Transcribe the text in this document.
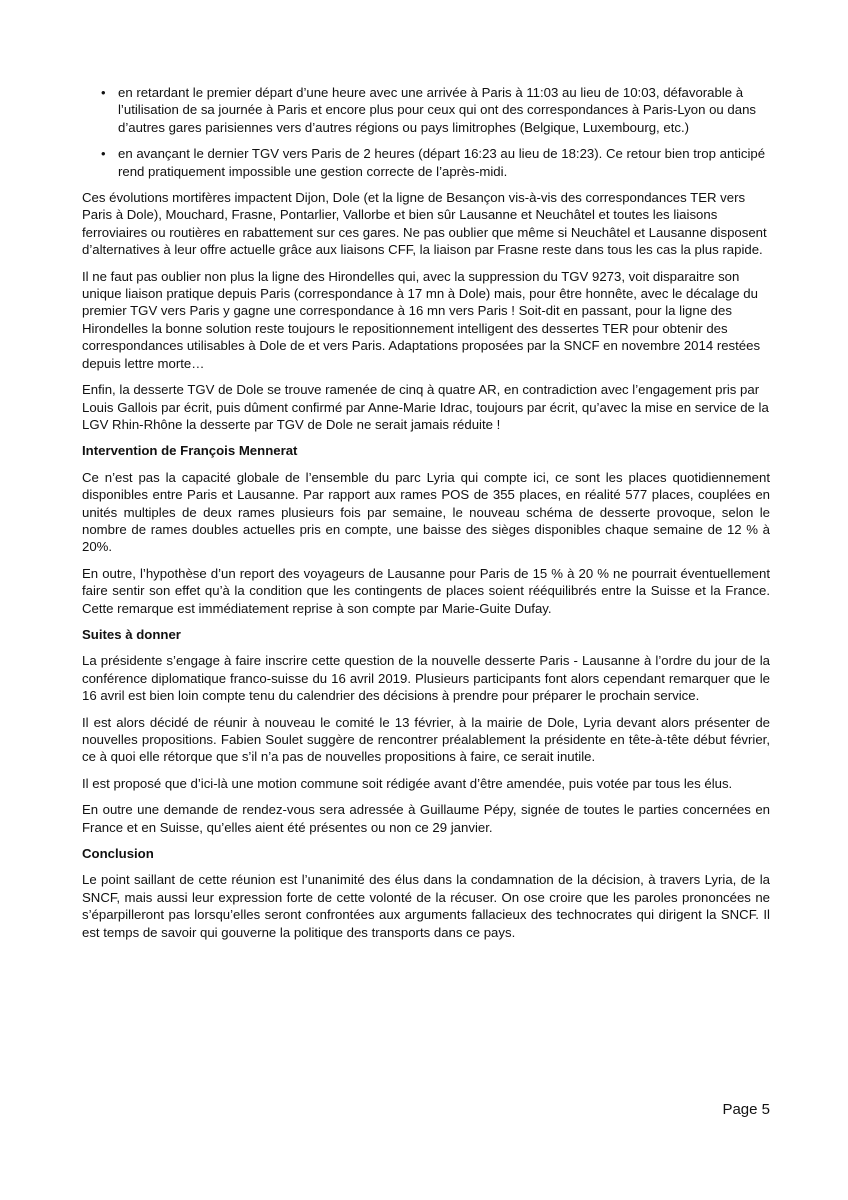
• en retardant le premier départ d’une heure avec une arrivée à Paris à 11:03 au lieu de 10:03, défavorable à l’utilisation de sa journée à Paris et encore plus pour ceux qui ont des correspondances à Paris-Lyon ou dans d’autres gares parisiennes vers d’autres régions ou pays limitrophes (Belgique, Luxembourg, etc.)
• en avançant le dernier TGV vers Paris de 2 heures (départ 16:23 au lieu de 18:23). Ce retour bien trop anticipé rend pratiquement impossible une gestion correcte de l’après-midi.

Ces évolutions mortifères impactent Dijon, Dole (et la ligne de Besançon vis-à-vis des correspondances TER vers Paris à Dole), Mouchard, Frasne, Pontarlier, Vallorbe et bien sûr Lausanne et Neuchâtel et toutes les liaisons ferroviaires ou routières en rabattement sur ces gares. Ne pas oublier que même si Neuchâtel et Lausanne disposent d’alternatives à leur offre actuelle grâce aux liaisons CFF, la liaison par Frasne reste dans tous les cas la plus rapide.

Il ne faut pas oublier non plus la ligne des Hirondelles qui, avec la suppression du TGV 9273, voit disparaitre son unique liaison pratique depuis Paris (correspondance à 17 mn à Dole) mais, pour être honnête, avec le décalage du premier TGV vers Paris y gagne une correspondance à 16 mn vers Paris ! Soit-dit en passant, pour la ligne des Hirondelles la bonne solution reste toujours le repositionnement intelligent des dessertes TER pour obtenir des correspondances utilisables à Dole de et vers Paris. Adaptations proposées par la SNCF en novembre 2014 restées depuis lettre morte…

Enfin, la desserte TGV de Dole se trouve ramenée de cinq à quatre AR, en contradiction avec l’engagement pris par Louis Gallois par écrit, puis dûment confirmé par Anne-Marie Idrac, toujours par écrit, qu’avec la mise en service de la LGV Rhin-Rhône la desserte par TGV de Dole ne serait jamais réduite !

Intervention de François Mennerat

Ce n’est pas la capacité globale de l’ensemble du parc Lyria qui compte ici, ce sont les places quotidiennement disponibles entre Paris et Lausanne. Par rapport aux rames POS de 355 places, en réalité 577 places, couplées en unités multiples de deux rames plusieurs fois par semaine, le nouveau schéma de desserte provoque, selon le nombre de rames doubles actuelles pris en compte, une baisse des sièges disponibles chaque semaine de 12 % à 20%.

En outre, l’hypothèse d’un report des voyageurs de Lausanne pour Paris de 15 % à 20 % ne pourrait éventuellement faire sentir son effet qu’à la condition que les contingents de places soient rééquilibrés entre la Suisse et la France. Cette remarque est immédiatement reprise à son compte par Marie-Guite Dufay.

Suites à donner

La présidente s’engage à faire inscrire cette question de la nouvelle desserte Paris - Lausanne à l’ordre du jour de la conférence diplomatique franco-suisse du 16 avril 2019. Plusieurs participants font alors cependant remarquer que le 16 avril est bien loin compte tenu du calendrier des décisions à prendre pour préparer le prochain service.

Il est alors décidé de réunir à nouveau le comité le 13 février, à la mairie de Dole, Lyria devant alors présenter de nouvelles propositions. Fabien Soulet suggère de rencontrer préalablement la présidente en tête-à-tête début février, ce à quoi elle rétorque que s’il n’a pas de nouvelles propositions à faire, ce serait inutile.

Il est proposé que d’ici-là une motion commune soit rédigée avant d’être amendée, puis votée par tous les élus.

En outre une demande de rendez-vous sera adressée à Guillaume Pépy, signée de toutes le parties concernées en France et en Suisse, qu’elles aient été présentes ou non ce 29 janvier.

Conclusion

Le point saillant de cette réunion est l’unanimité des élus dans la condamnation de la décision, à travers Lyria, de la SNCF, mais aussi leur expression forte de cette volonté de la récuser. On ose croire que les paroles prononcées ne s’éparpilleront pas lorsqu’elles seront confrontées aux arguments fallacieux des technocrates qui dirigent la SNCF. Il est temps de savoir qui gouverne la politique des transports dans ce pays.

Page 5
